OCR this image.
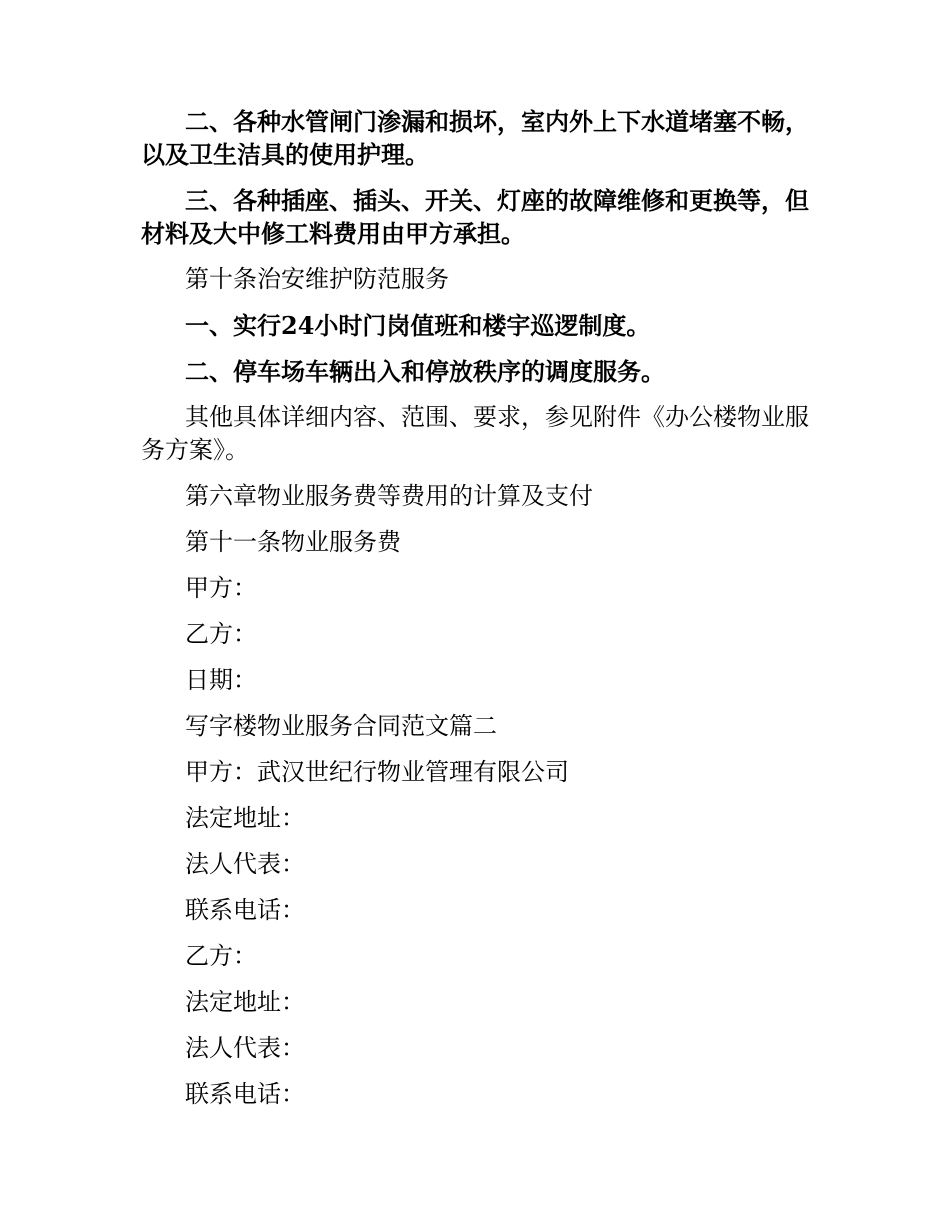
二、各种水管闸门渗漏和损坏，室内外上下水道堵塞不畅，以及卫生洁具的使用护理。

三、各种插座、插头、开关、灯座的故障维修和更换等，但材料及大中修工料费用由甲方承担。

第十条治安维护防范服务

一、实行24小时门岗值班和楼宇巡逻制度。

二、停车场车辆出入和停放秩序的调度服务。

其他具体详细内容、范围、要求，参见附件《办公楼物业服务方案》。

第六章物业服务费等费用的计算及支付

第十一条物业服务费

甲方：

乙方：

日期：

写字楼物业服务合同范文篇二

甲方：武汉世纪行物业管理有限公司

法定地址：

法人代表：

联系电话：

乙方：

法定地址：

法人代表：

联系电话：
